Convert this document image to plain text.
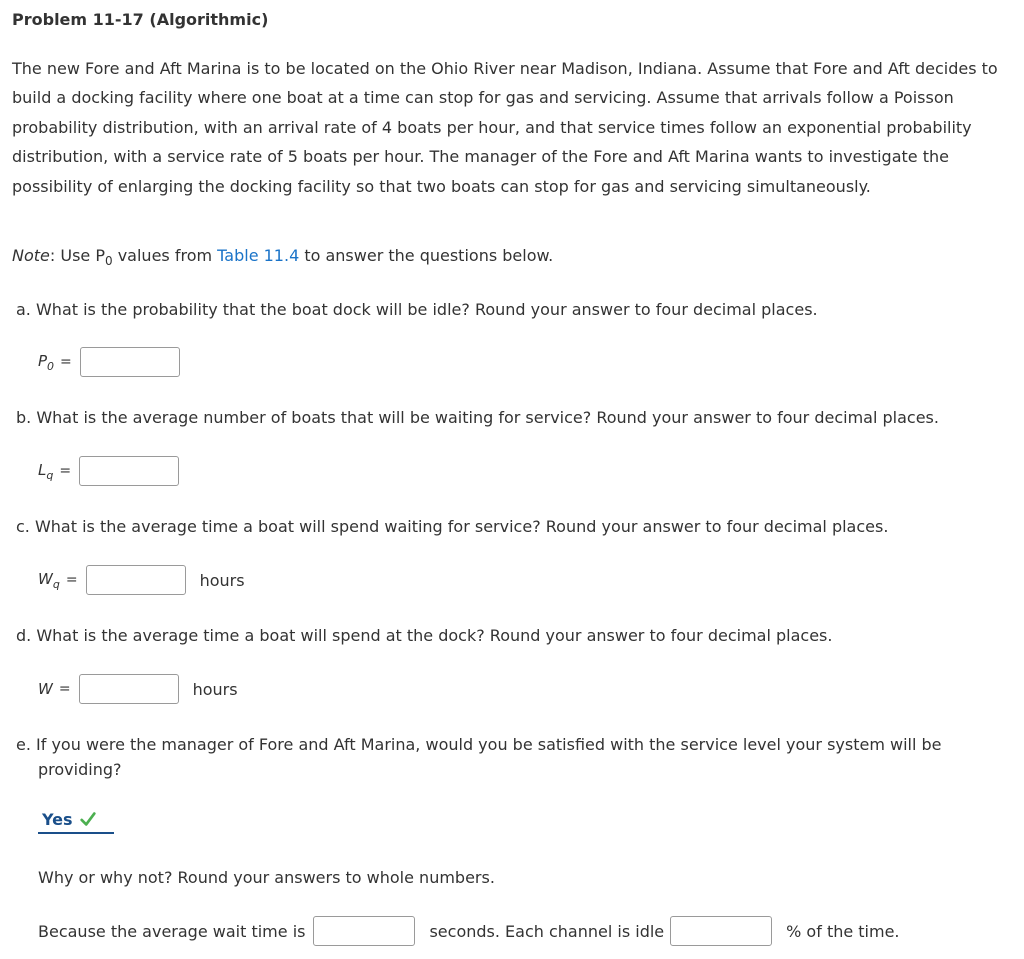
Problem 11-17 (Algorithmic)
The new Fore and Aft Marina is to be located on the Ohio River near Madison, Indiana. Assume that Fore and Aft decides to build a docking facility where one boat at a time can stop for gas and servicing. Assume that arrivals follow a Poisson probability distribution, with an arrival rate of 4 boats per hour, and that service times follow an exponential probability distribution, with a service rate of 5 boats per hour. The manager of the Fore and Aft Marina wants to investigate the possibility of enlarging the docking facility so that two boats can stop for gas and servicing simultaneously.
Note: Use $P_0$ values from Table 11.4 to answer the questions below.
a. What is the probability that the boat dock will be idle? Round your answer to four decimal places.
$P_0$ =
b. What is the average number of boats that will be waiting for service? Round your answer to four decimal places.
$L_q$ =
c. What is the average time a boat will spend waiting for service? Round your answer to four decimal places.
$W_q$ =	hours
d. What is the average time a boat will spend at the dock? Round your answer to four decimal places.
W =	hours
e. If you were the manager of Fore and Aft Marina, would you be satisfied with the service level your system will be
providing?
Yes
Why or why not? Round your answers to whole numbers.
Because the average wait time is	seconds. Each channel is idle	% of the time.
